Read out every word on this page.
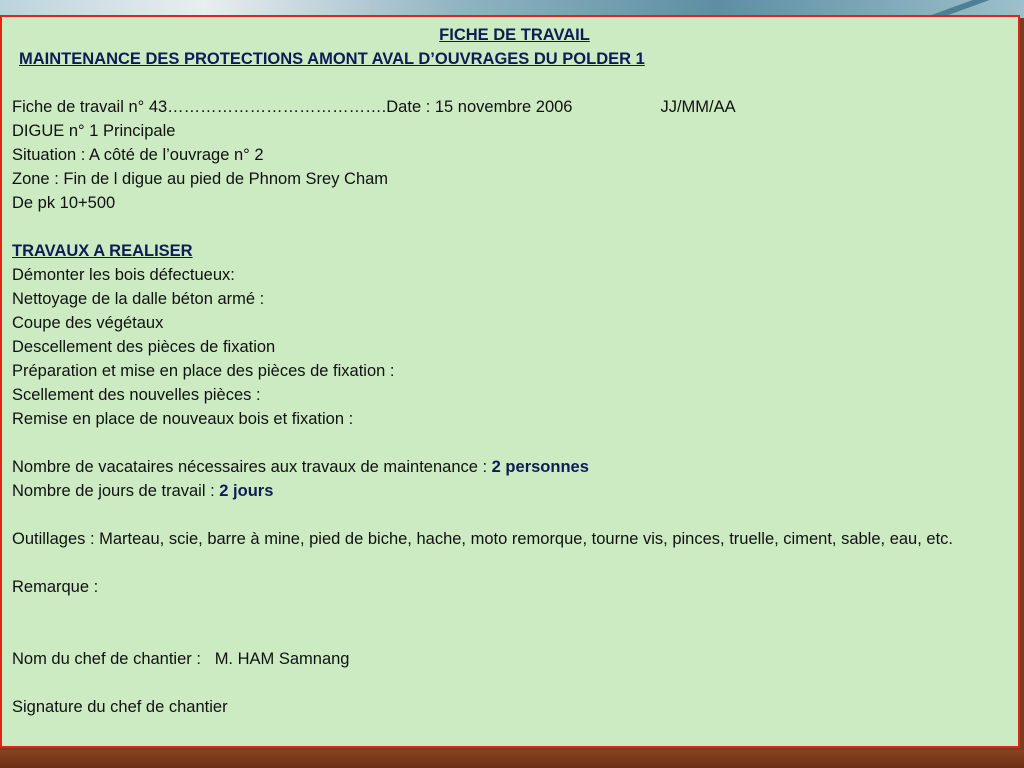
FICHE DE TRAVAIL
MAINTENANCE DES PROTECTIONS AMONT AVAL D’OUVRAGES DU POLDER 1
Fiche de travail n° 43………………………………….Date : 15 novembre 2006	JJ/MM/AA
DIGUE n° 1 Principale
Situation : A côté de l’ouvrage n° 2
Zone : Fin de l digue au pied de Phnom Srey Cham
De pk 10+500
TRAVAUX A REALISER
Démonter les bois défectueux:
Nettoyage de la dalle béton armé :
Coupe des végétaux
Descellement des pièces de fixation
Préparation et mise en place des pièces de fixation :
Scellement des nouvelles pièces :
Remise en place de nouveaux bois et fixation :
Nombre de vacataires nécessaires aux travaux de maintenance : 2 personnes
Nombre de jours de travail : 2 jours
Outillages : Marteau, scie, barre à mine, pied de biche, hache, moto remorque, tourne vis, pinces, truelle, ciment, sable, eau, etc.
Remarque :
Nom du chef de chantier :   M. HAM Samnang
Signature du chef de chantier
